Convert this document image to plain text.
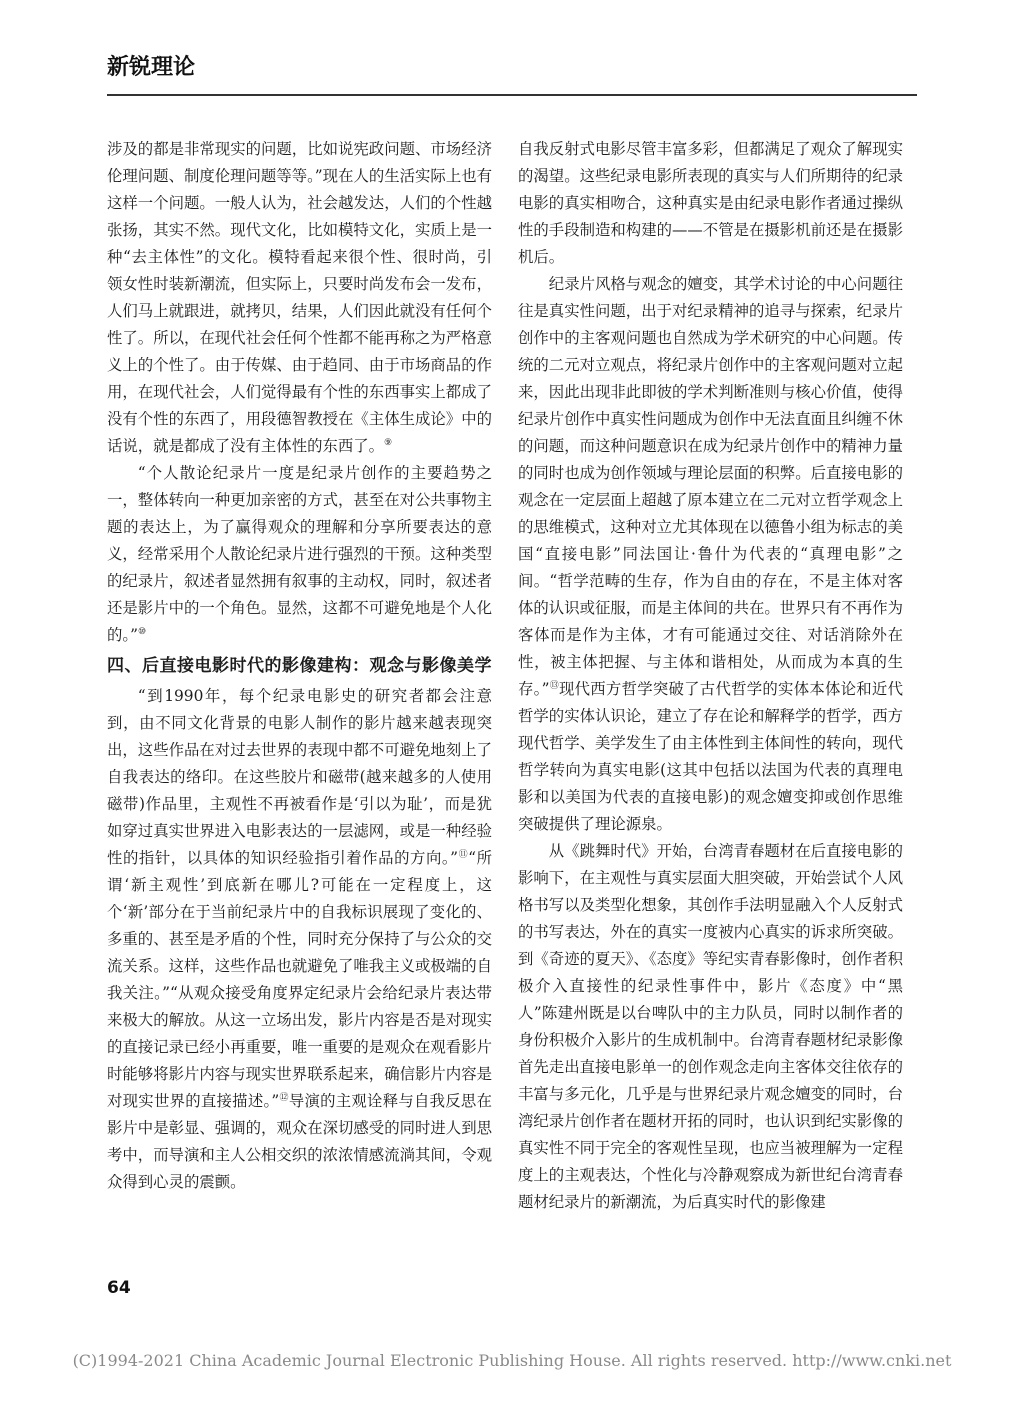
新锐理论

涉及的都是非常现实的问题，比如说宪政问题、市场经济伦理问题、制度伦理问题等等。”现在人的生活实际上也有这样一个问题。一般人认为，社会越发达，人们的个性越张扬，其实不然。现代文化，比如模特文化，实质上是一种“去主体性”的文化。模特看起来很个性、很时尚，引领女性时装新潮流，但实际上，只要时尚发布会一发布，人们马上就跟进，就拷贝，结果，人们因此就没有任何个性了。所以，在现代社会任何个性都不能再称之为严格意义上的个性了。由于传媒、由于趋同、由于市场商品的作用，在现代社会，人们觉得最有个性的东西事实上都成了没有个性的东西了，用段德智教授在《主体生成论》中的话说，就是都成了没有主体性的东西了。⑨

“个人散论纪录片一度是纪录片创作的主要趋势之一，整体转向一种更加亲密的方式，甚至在对公共事物主题的表达上，为了赢得观众的理解和分享所要表达的意义，经常采用个人散论纪录片进行强烈的干预。这种类型的纪录片，叙述者显然拥有叙事的主动权，同时，叙述者还是影片中的一个角色。显然，这都不可避免地是个人化的。”⑩

四、后直接电影时代的影像建构：观念与影像美学

“到1990年，每个纪录电影史的研究者都会注意到，由不同文化背景的电影人制作的影片越来越表现突出，这些作品在对过去世界的表现中都不可避免地刻上了自我表达的络印。在这些胶片和磁带(越来越多的人使用磁带)作品里，主观性不再被看作是‘引以为耻’，而是犹如穿过真实世界进入电影表达的一层滤网，或是一种经验性的指针，以具体的知识经验指引着作品的方向。”⑪“所谓‘新主观性’到底新在哪儿?可能在一定程度上，这个‘新’部分在于当前纪录片中的自我标识展现了变化的、多重的、甚至是矛盾的个性，同时充分保持了与公众的交流关系。这样，这些作品也就避免了唯我主义或极端的自我关注。”“从观众接受角度界定纪录片会给纪录片表达带来极大的解放。从这一立场出发，影片内容是否是对现实的直接记录已经小再重要，唯一重要的是观众在观看影片时能够将影片内容与现实世界联系起来，确信影片内容是对现实世界的直接描述。”⑫导演的主观诠释与自我反思在影片中是彰显、强调的，观众在深切感受的同时进人到思考中，而导演和主人公相交织的浓浓情感流淌其间，令观众得到心灵的震颤。

自我反射式电影尽管丰富多彩，但都满足了观众了解现实的渴望。这些纪录电影所表现的真实与人们所期待的纪录电影的真实相吻合，这种真实是由纪录电影作者通过操纵性的手段制造和构建的——不管是在摄影机前还是在摄影机后。

纪录片风格与观念的嬗变，其学术讨论的中心问题往往是真实性问题，出于对纪录精神的追寻与探索，纪录片创作中的主客观问题也自然成为学术研究的中心问题。传统的二元对立观点，将纪录片创作中的主客观问题对立起来，因此出现非此即彼的学术判断准则与核心价值，使得纪录片创作中真实性问题成为创作中无法直面且纠缠不休的问题，而这种问题意识在成为纪录片创作中的精神力量的同时也成为创作领域与理论层面的积弊。后直接电影的观念在一定层面上超越了原本建立在二元对立哲学观念上的思维模式，这种对立尤其体现在以德鲁小组为标志的美国“直接电影”同法国让·鲁什为代表的“真理电影”之间。“哲学范畴的生存，作为自由的存在，不是主体对客体的认识或征服，而是主体间的共在。世界只有不再作为客体而是作为主体，才有可能通过交往、对话消除外在性，被主体把握、与主体和谐相处，从而成为本真的生存。”⑬现代西方哲学突破了古代哲学的实体本体论和近代哲学的实体认识论，建立了存在论和解释学的哲学，西方现代哲学、美学发生了由主体性到主体间性的转向，现代哲学转向为真实电影(这其中包括以法国为代表的真理电影和以美国为代表的直接电影)的观念嬗变抑或创作思维突破提供了理论源泉。

从《跳舞时代》开始，台湾青春题材在后直接电影的影响下，在主观性与真实层面大胆突破，开始尝试个人风格书写以及类型化想象，其创作手法明显融入个人反射式的书写表达，外在的真实一度被内心真实的诉求所突破。到《奇迹的夏天》、《态度》等纪实青春影像时，创作者积极介入直接性的纪录性事件中，影片《态度》中“黑人”陈建州既是以台啤队中的主力队员，同时以制作者的身份积极介入影片的生成机制中。台湾青春题材纪录影像首先走出直接电影单一的创作观念走向主客体交往依存的丰富与多元化，几乎是与世界纪录片观念嬗变的同时，台湾纪录片创作者在题材开拓的同时，也认识到纪实影像的真实性不同于完全的客观性呈现，也应当被理解为一定程度上的主观表达，个性化与冷静观察成为新世纪台湾青春题材纪录片的新潮流，为后真实时代的影像建

64
(C)1994-2021 China Academic Journal Electronic Publishing House. All rights reserved. http://www.cnki.net
